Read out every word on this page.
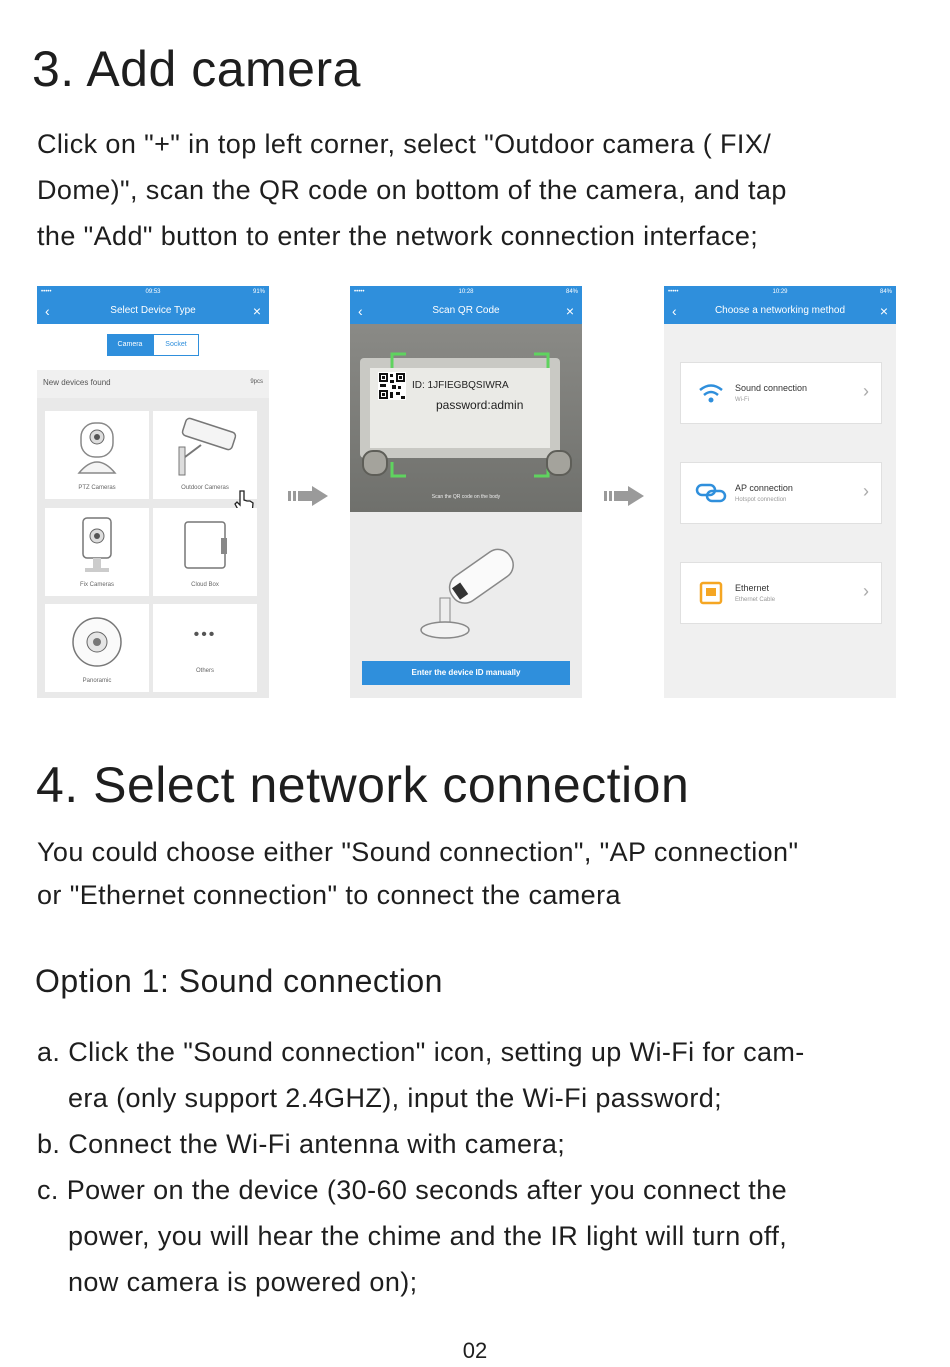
3. Add camera
Click on "+" in top left corner, select "Outdoor camera ( FIX/
Dome)", scan the QR code on bottom of the camera, and tap
the "Add" button to enter the network connection interface;
•••••	09:53	91%
‹	Select Device Type	×
Camera	Socket
New devices found	9pcs
PTZ Cameras	Outdoor Cameras
Fix Cameras	Cloud Box
Panoramic
•••
Others
•••••	10:28	84%
‹	Scan QR Code	×
ID: 1JFIEGBQSIWRA
password:admin
Scan the QR code on the body
Enter the device ID manually
•••••	10:29	84%
‹	Choose a networking method ×
Sound connection
Wi-Fi	›
AP connection
Hotspot connection	›
Ethernet
Ethernet Cable	›
4. Select network connection
You could choose either "Sound connection", "AP connection"
or "Ethernet connection" to connect the camera
Option 1: Sound connection
a. Click the "Sound connection" icon, setting up Wi-Fi for cam-
era (only support 2.4GHZ), input the Wi-Fi password;
b. Connect the Wi-Fi antenna with camera;
c. Power on the device (30-60 seconds after you connect the
power, you will hear the chime and the IR light will turn off,
now camera is powered on);
02
